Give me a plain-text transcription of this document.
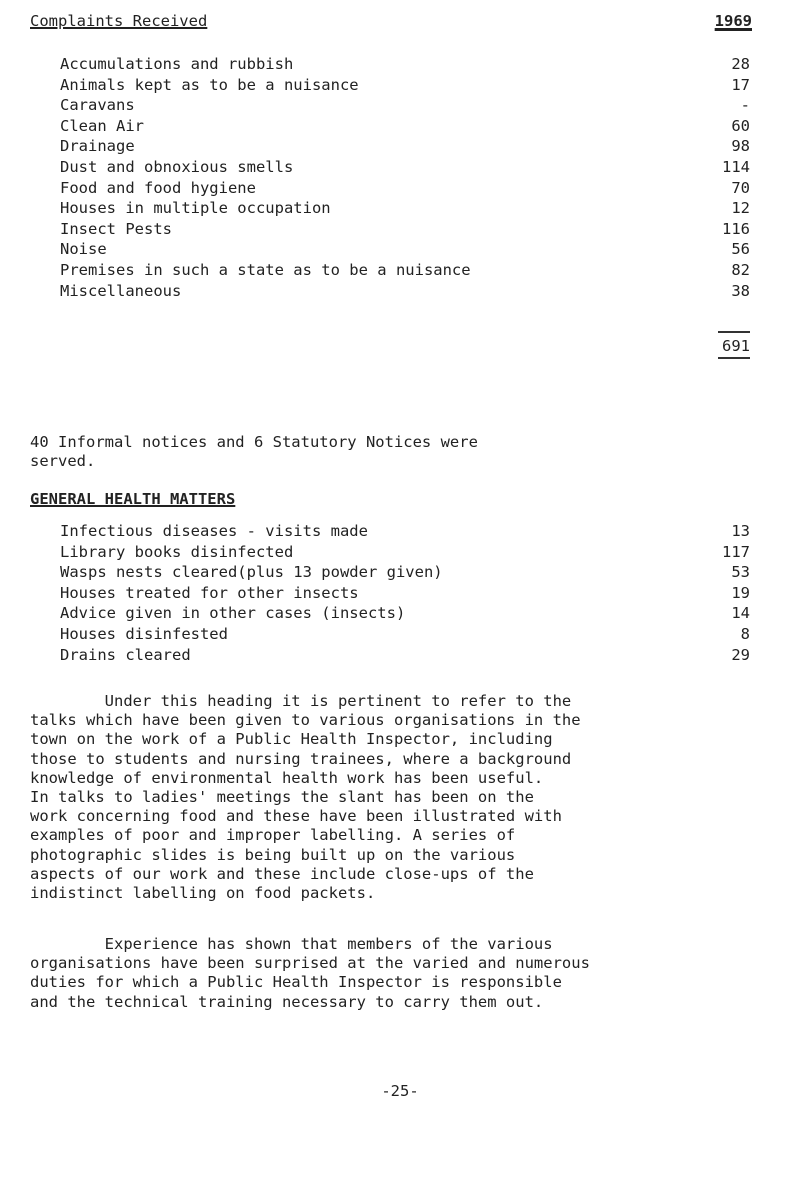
Complaints Received	1969
Accumulations and rubbish	28
Animals kept as to be a nuisance	17
Caravans	-
Clean Air	60
Drainage	98
Dust and obnoxious smells	114
Food and food hygiene	70
Houses in multiple occupation	12
Insect Pests	116
Noise	56
Premises in such a state as to be a nuisance	82
Miscellaneous	38
691
40 Informal notices and 6 Statutory Notices were
served.
GENERAL HEALTH MATTERS
Infectious diseases - visits made	13
Library books disinfected	117
Wasps nests cleared(plus 13 powder given)	53
Houses treated for other insects	19
Advice given in other cases (insects)	14
Houses disinfested	8
Drains cleared	29
Under this heading it is pertinent to refer to the
talks which have been given to various organisations in the
town on the work of a Public Health Inspector, including
those to students and nursing trainees, where a background
knowledge of environmental health work has been useful.
In talks to ladies' meetings the slant has been on the
work concerning food and these have been illustrated with
examples of poor and improper labelling. A series of
photographic slides is being built up on the various
aspects of our work and these include close-ups of the
indistinct labelling on food packets.
Experience has shown that members of the various
organisations have been surprised at the varied and numerous
duties for which a Public Health Inspector is responsible
and the technical training necessary to carry them out.
-25-
